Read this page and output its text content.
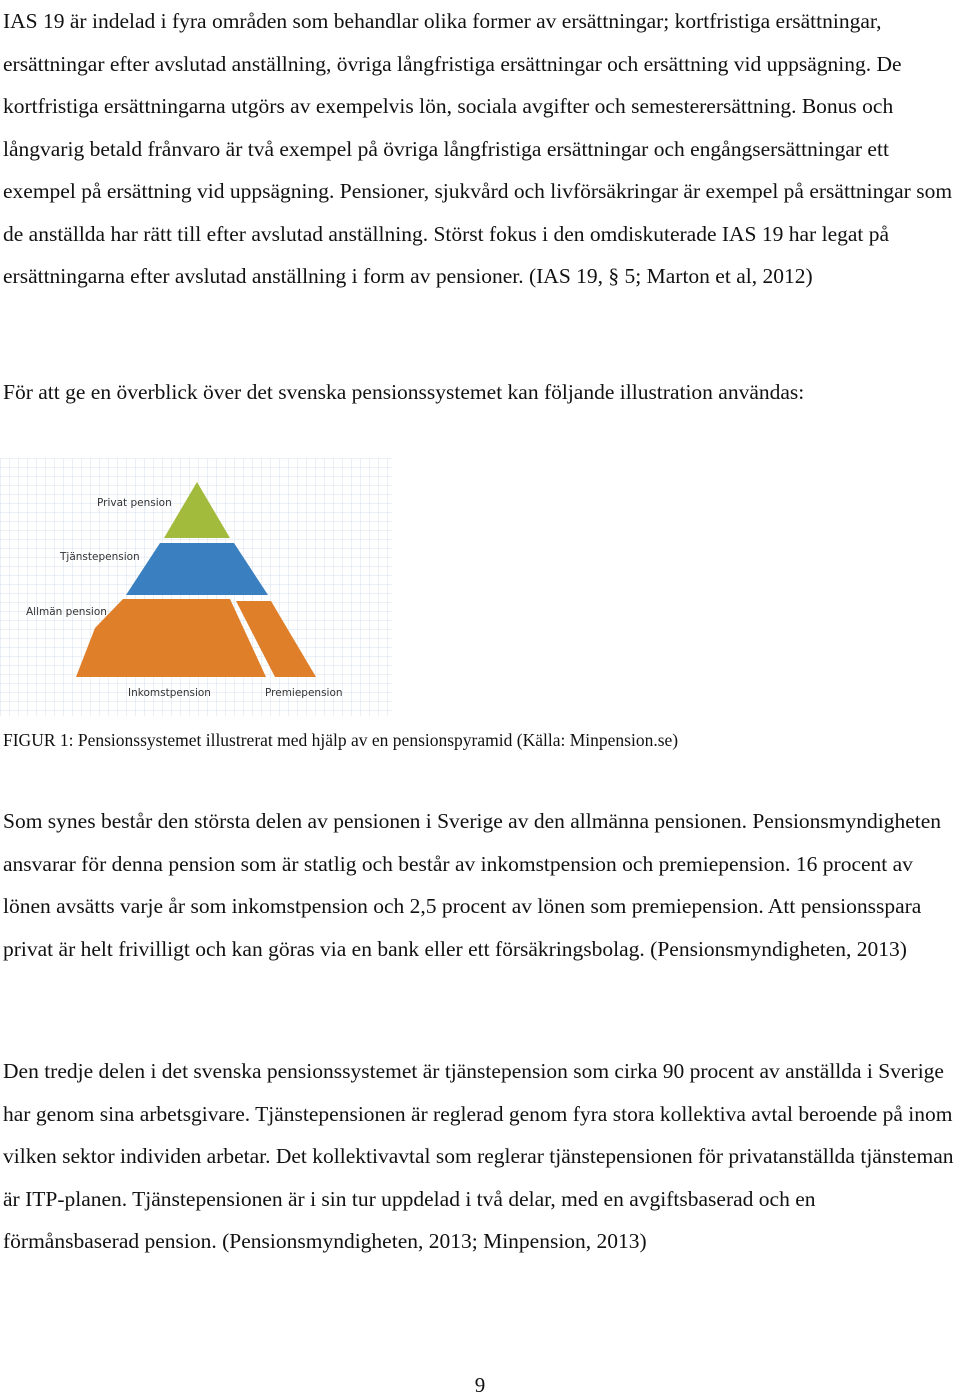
IAS 19 är indelad i fyra områden som behandlar olika former av ersättningar; kortfristiga ersättningar, ersättningar efter avslutad anställning, övriga långfristiga ersättningar och ersättning vid uppsägning. De kortfristiga ersättningarna utgörs av exempelvis lön, sociala avgifter och semesterersättning. Bonus och långvarig betald frånvaro är två exempel på övriga långfristiga ersättningar och engångsersättningar ett exempel på ersättning vid uppsägning. Pensioner, sjukvård och livförsäkringar är exempel på ersättningar som de anställda har rätt till efter avslutad anställning. Störst fokus i den omdiskuterade IAS 19 har legat på ersättningarna efter avslutad anställning i form av pensioner. (IAS 19, § 5; Marton et al, 2012)

För att ge en överblick över det svenska pensionssystemet kan följande illustration användas:

Privat pension
Tjänstepension
Allmän pension
Inkomstpension	Premiepension
FIGUR 1: Pensionssystemet illustrerat med hjälp av en pensionspyramid (Källa: Minpension.se)

Som synes består den största delen av pensionen i Sverige av den allmänna pensionen. Pensionsmyndigheten ansvarar för denna pension som är statlig och består av inkomstpension och premiepension. 16 procent av lönen avsätts varje år som inkomstpension och 2,5 procent av lönen som premiepension. Att pensionsspara privat är helt frivilligt och kan göras via en bank eller ett försäkringsbolag. (Pensionsmyndigheten, 2013)

Den tredje delen i det svenska pensionssystemet är tjänstepension som cirka 90 procent av anställda i Sverige har genom sina arbetsgivare. Tjänstepensionen är reglerad genom fyra stora kollektiva avtal beroende på inom vilken sektor individen arbetar. Det kollektivavtal som reglerar tjänstepensionen för privatanställda tjänsteman är ITP-planen. Tjänstepensionen är i sin tur uppdelad i två delar, med en avgiftsbaserad och en förmånsbaserad pension. (Pensionsmyndigheten, 2013; Minpension, 2013)

9
